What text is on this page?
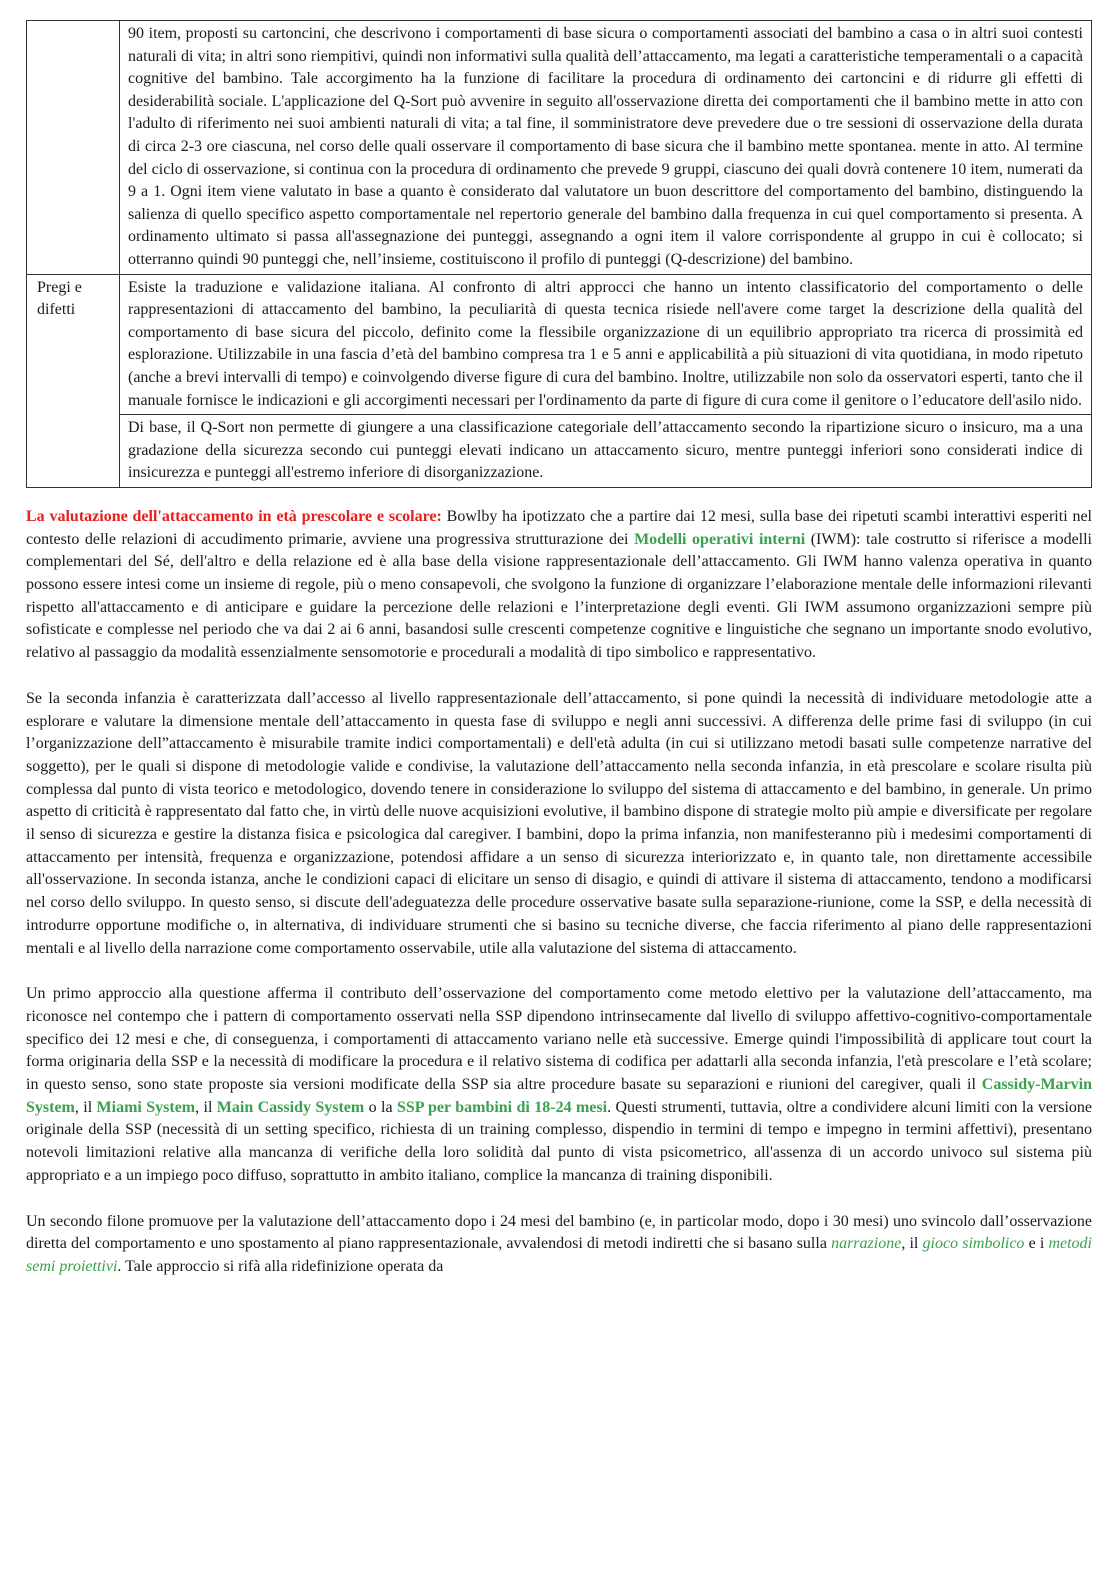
	90 item, proposti su cartoncini, che descrivono i comportamenti di base sicura o comportamenti associati del bambino a casa o in altri suoi contesti naturali di vita; in altri sono riempitivi, quindi non informativi sulla qualità dell’attaccamento, ma legati a caratteristiche temperamentali o a capacità cognitive del bambino. Tale accorgimento ha la funzione di facilitare la procedura di ordinamento dei cartoncini e di ridurre gli effetti di desiderabilità sociale. L'applicazione del Q-Sort può avvenire in seguito all'osservazione diretta dei comportamenti che il bambino mette in atto con l'adulto di riferimento nei suoi ambienti naturali di vita; a tal fine, il somministratore deve prevedere due o tre sessioni di osservazione della durata di circa 2-3 ore ciascuna, nel corso delle quali osservare il comportamento di base sicura che il bambino mette spontanea. mente in atto. Al termine del ciclo di osservazione, si continua con la procedura di ordinamento che prevede 9 gruppi, ciascuno dei quali dovrà contenere 10 item, numerati da 9 a 1. Ogni item viene valutato in base a quanto è considerato dal valutatore un buon descrittore del comportamento del bambino, distinguendo la salienza di quello specifico aspetto comportamentale nel repertorio generale del bambino dalla frequenza in cui quel comportamento si presenta. A ordinamento ultimato si passa all'assegnazione dei punteggi, assegnando a ogni item il valore corrispondente al gruppo in cui è collocato; si otterranno quindi 90 punteggi che, nell’insieme, costituiscono il profilo di punteggi (Q-descrizione) del bambino.
Pregi e difetti	Esiste la traduzione e validazione italiana. Al confronto di altri approcci che hanno un intento classificatorio del comportamento o delle rappresentazioni di attaccamento del bambino, la peculiarità di questa tecnica risiede nell'avere come target la descrizione della qualità del comportamento di base sicura del piccolo, definito come la flessibile organizzazione di un equilibrio appropriato tra ricerca di prossimità ed esplorazione. Utilizzabile in una fascia d’età del bambino compresa tra 1 e 5 anni e applicabilità a più situazioni di vita quotidiana, in modo ripetuto (anche a brevi intervalli di tempo) e coinvolgendo diverse figure di cura del bambino. Inoltre, utilizzabile non solo da osservatori esperti, tanto che il manuale fornisce le indicazioni e gli accorgimenti necessari per l'ordinamento da parte di figure di cura come il genitore o l’educatore dell'asilo nido.
	Di base, il Q-Sort non permette di giungere a una classificazione categoriale dell’attaccamento secondo la ripartizione sicuro o insicuro, ma a una gradazione della sicurezza secondo cui punteggi elevati indicano un attaccamento sicuro, mentre punteggi inferiori sono considerati indice di insicurezza e punteggi all'estremo inferiore di disorganizzazione.

La valutazione dell'attaccamento in età prescolare e scolare: Bowlby ha ipotizzato che a partire dai 12 mesi, sulla base dei ripetuti scambi interattivi esperiti nel contesto delle relazioni di accudimento primarie, avviene una progressiva strutturazione dei Modelli operativi interni (IWM): tale costrutto si riferisce a modelli complementari del Sé, dell'altro e della relazione ed è alla base della visione rappresentazionale dell’attaccamento. Gli IWM hanno valenza operativa in quanto possono essere intesi come un insieme di regole, più o meno consapevoli, che svolgono la funzione di organizzare l’elaborazione mentale delle informazioni rilevanti rispetto all'attaccamento e di anticipare e guidare la percezione delle relazioni e l’interpretazione degli eventi. Gli IWM assumono organizzazioni sempre più sofisticate e complesse nel periodo che va dai 2 ai 6 anni, basandosi sulle crescenti competenze cognitive e linguistiche che segnano un importante snodo evolutivo, relativo al passaggio da modalità essenzialmente sensomotorie e procedurali a modalità di tipo simbolico e rappresentativo.

Se la seconda infanzia è caratterizzata dall’accesso al livello rappresentazionale dell’attaccamento, si pone quindi la necessità di individuare metodologie atte a esplorare e valutare la dimensione mentale dell’attaccamento in questa fase di sviluppo e negli anni successivi. A differenza delle prime fasi di sviluppo (in cui l’organizzazione dell”attaccamento è misurabile tramite indici comportamentali) e dell'età adulta (in cui si utilizzano metodi basati sulle competenze narrative del soggetto), per le quali si dispone di metodologie valide e condivise, la valutazione dell’attaccamento nella seconda infanzia, in età prescolare e scolare risulta più complessa dal punto di vista teorico e metodologico, dovendo tenere in considerazione lo sviluppo del sistema di attaccamento e del bambino, in generale. Un primo aspetto di criticità è rappresentato dal fatto che, in virtù delle nuove acquisizioni evolutive, il bambino dispone di strategie molto più ampie e diversificate per regolare il senso di sicurezza e gestire la distanza fisica e psicologica dal caregiver. I bambini, dopo la prima infanzia, non manifesteranno più i medesimi comportamenti di attaccamento per intensità, frequenza e organizzazione, potendosi affidare a un senso di sicurezza interiorizzato e, in quanto tale, non direttamente accessibile all'osservazione. In seconda istanza, anche le condizioni capaci di elicitare un senso di disagio, e quindi di attivare il sistema di attaccamento, tendono a modificarsi nel corso dello sviluppo. In questo senso, si discute dell'adeguatezza delle procedure osservative basate sulla separazione-riunione, come la SSP, e della necessità di introdurre opportune modifiche o, in alternativa, di individuare strumenti che si basino su tecniche diverse, che faccia riferimento al piano delle rappresentazioni mentali e al livello della narrazione come comportamento osservabile, utile alla valutazione del sistema di attaccamento.

Un primo approccio alla questione afferma il contributo dell’osservazione del comportamento come metodo elettivo per la valutazione dell’attaccamento, ma riconosce nel contempo che i pattern di comportamento osservati nella SSP dipendono intrinsecamente dal livello di sviluppo affettivo-cognitivo-comportamentale specifico dei 12 mesi e che, di conseguenza, i comportamenti di attaccamento variano nelle età successive. Emerge quindi l'impossibilità di applicare tout court la forma originaria della SSP e la necessità di modificare la procedura e il relativo sistema di codifica per adattarli alla seconda infanzia, l'età prescolare e l’età scolare; in questo senso, sono state proposte sia versioni modificate della SSP sia altre procedure basate su separazioni e riunioni del caregiver, quali il Cassidy-Marvin System, il Miami System, il Main Cassidy System o la SSP per bambini di 18-24 mesi. Questi strumenti, tuttavia, oltre a condividere alcuni limiti con la versione originale della SSP (necessità di un setting specifico, richiesta di un training complesso, dispendio in termini di tempo e impegno in termini affettivi), presentano notevoli limitazioni relative alla mancanza di verifiche della loro solidità dal punto di vista psicometrico, all'assenza di un accordo univoco sul sistema più appropriato e a un impiego poco diffuso, soprattutto in ambito italiano, complice la mancanza di training disponibili.

Un secondo filone promuove per la valutazione dell’attaccamento dopo i 24 mesi del bambino (e, in particolar modo, dopo i 30 mesi) uno svincolo dall’osservazione diretta del comportamento e uno spostamento al piano rappresentazionale, avvalendosi di metodi indiretti che si basano sulla narrazione, il gioco simbolico e i metodi semi proiettivi. Tale approccio si rifà alla ridefinizione operata da
